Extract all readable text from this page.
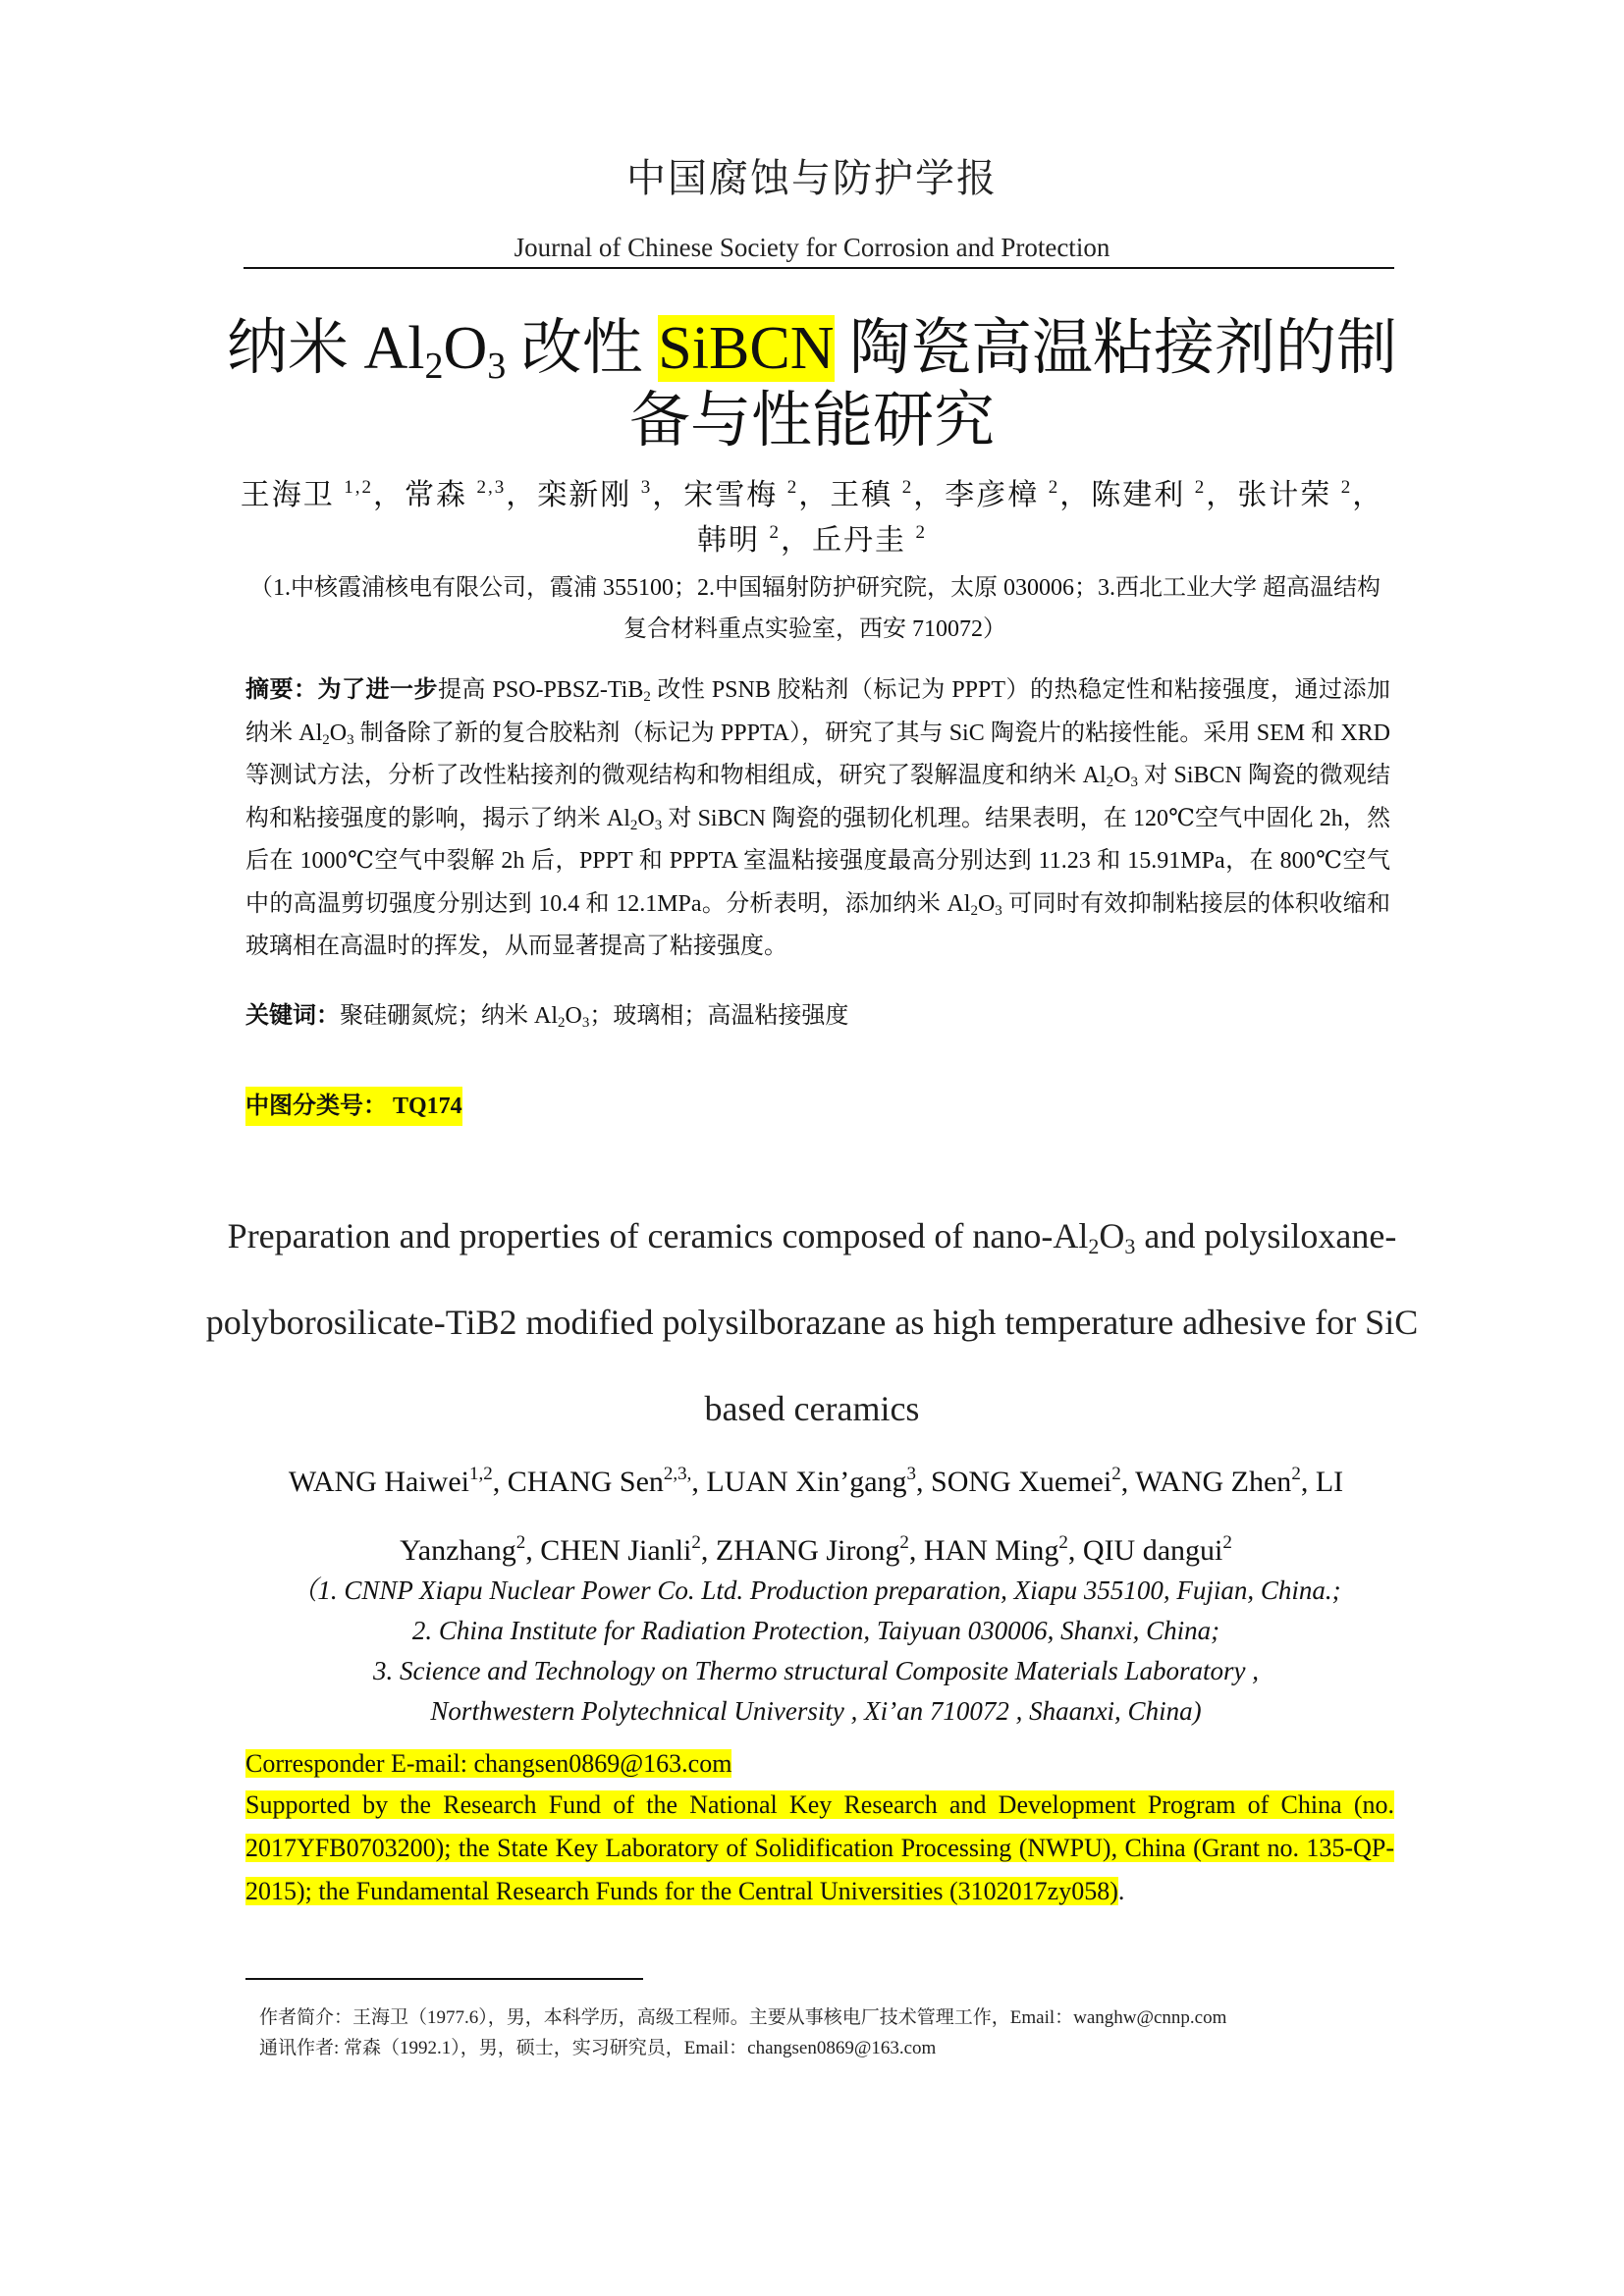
中国腐蚀与防护学报
Journal of Chinese Society for Corrosion and Protection
纳米 $Al_2O_3$ 改性 SiBCN 陶瓷高温粘接剂的制备与性能研究
王海卫 $^{1,2}$，常森 $^{2,3}$，栾新刚 $^3$，宋雪梅 $^2$，王稹 $^2$，李彦樟 $^2$，陈建利 $^2$，张计荣 $^2$，韩明 $^2$，丘丹圭 $^2$
（1.中核霞浦核电有限公司，霞浦 355100；2.中国辐射防护研究院，太原 030006；3.西北工业大学 超高温结构复合材料重点实验室，西安 710072）
摘要：为了进一步提高 PSO-PBSZ-TiB$_2$ 改性 PSNB 胶粘剂（标记为 PPPT）的热稳定性和粘接强度，通过添加纳米 $Al_2O_3$ 制备除了新的复合胶粘剂（标记为 PPPTA），研究了其与 SiC 陶瓷片的粘接性能。采用 SEM 和 XRD 等测试方法，分析了改性粘接剂的微观结构和物相组成，研究了裂解温度和纳米 $Al_2O_3$ 对 SiBCN 陶瓷的微观结构和粘接强度的影响，揭示了纳米 $Al_2O_3$ 对 SiBCN 陶瓷的强韧化机理。结果表明，在 120℃空气中固化 2h，然后在 1000℃空气中裂解 2h 后，PPPT 和 PPPTA 室温粘接强度最高分别达到 11.23 和 15.91MPa，在 800℃空气中的高温剪切强度分别达到 10.4 和 12.1MPa。分析表明，添加纳米 $Al_2O_3$ 可同时有效抑制粘接层的体积收缩和玻璃相在高温时的挥发，从而显著提高了粘接强度。
关键词：聚硅硼氮烷；纳米 $Al_2O_3$；玻璃相；高温粘接强度
中图分类号： TQ174
Preparation and properties of ceramics composed of nano-$Al_2O_3$ and polysiloxane- polyborosilicate-TiB2 modified polysilborazane as high temperature adhesive for SiC based ceramics
WANG Haiwei$^{1,2}$, CHANG Sen$^{2,3,}$, LUAN Xin’gang$^3$, SONG Xuemei$^2$, WANG Zhen$^2$, LI Yanzhang$^2$, CHEN Jianli$^2$, ZHANG Jirong$^2$, HAN Ming$^2$, QIU dangui$^2$
（1. CNNP Xiapu Nuclear Power Co. Ltd. Production preparation, Xiapu 355100, Fujian, China.;
2. China Institute for Radiation Protection, Taiyuan 030006, Shanxi, China;
3. Science and Technology on Thermo structural Composite Materials Laboratory ,
Northwestern Polytechnical University , Xi’an 710072 , Shaanxi, China)
Corresponder E-mail: changsen0869@163.com
Supported by the Research Fund of the National Key Research and Development Program of China (no. 2017YFB0703200); the State Key Laboratory of Solidification Processing (NWPU), China (Grant no. 135-QP-2015); the Fundamental Research Funds for the Central Universities (3102017zy058).
作者简介：王海卫（1977.6），男，本科学历，高级工程师。主要从事核电厂技术管理工作，Email：wanghw@cnnp.com
通讯作者: 常森（1992.1），男，硕士，实习研究员，Email：changsen0869@163.com
